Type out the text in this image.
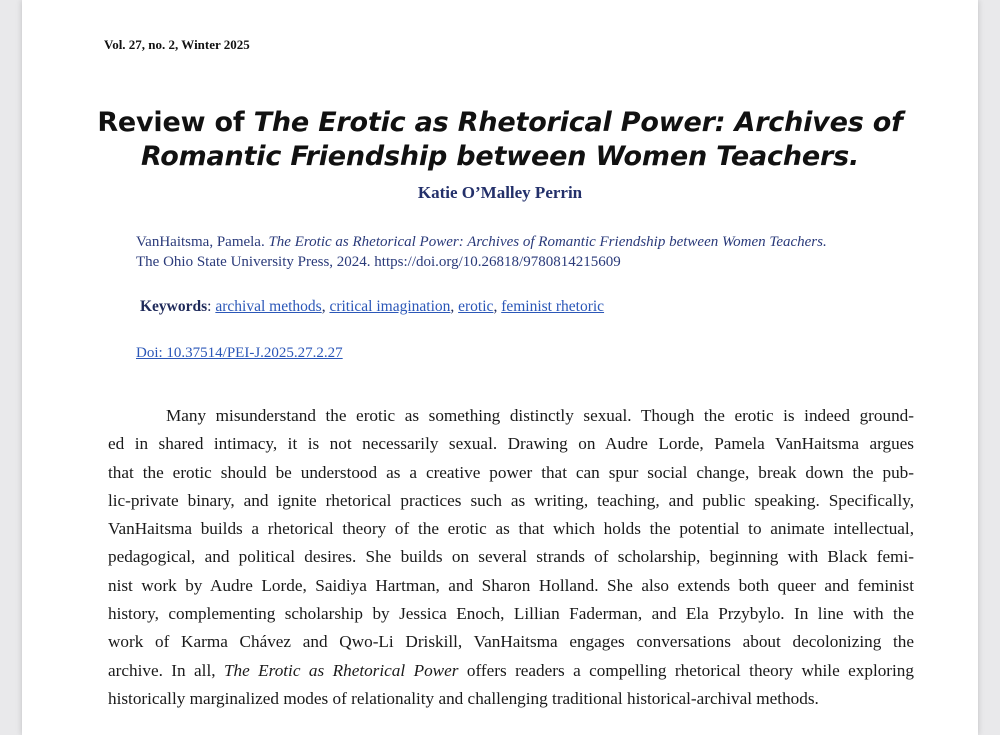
Vol. 27, no. 2, Winter 2025
Review of The Erotic as Rhetorical Power: Archives of
Romantic Friendship between Women Teachers.
Katie O’Malley Perrin
VanHaitsma, Pamela. The Erotic as Rhetorical Power: Archives of Romantic Friendship between Women Teachers.
The Ohio State University Press, 2024. https://doi.org/10.26818/9780814215609
Keywords: archival methods, critical imagination, erotic, feminist rhetoric
Doi: 10.37514/PEI-J.2025.27.2.27
Many misunderstand the erotic as something distinctly sexual. Though the erotic is indeed ground-
ed in shared intimacy, it is not necessarily sexual. Drawing on Audre Lorde, Pamela VanHaitsma argues
that the erotic should be understood as a creative power that can spur social change, break down the pub-
lic-private binary, and ignite rhetorical practices such as writing, teaching, and public speaking. Specifically,
VanHaitsma builds a rhetorical theory of the erotic as that which holds the potential to animate intellectual,
pedagogical, and political desires. She builds on several strands of scholarship, beginning with Black femi-
nist work by Audre Lorde, Saidiya Hartman, and Sharon Holland. She also extends both queer and feminist
history, complementing scholarship by Jessica Enoch, Lillian Faderman, and Ela Przybylo. In line with the
work of Karma Chávez and Qwo-Li Driskill, VanHaitsma engages conversations about decolonizing the
archive. In all, The Erotic as Rhetorical Power offers readers a compelling rhetorical theory while exploring
historically marginalized modes of relationality and challenging traditional historical-archival methods.
